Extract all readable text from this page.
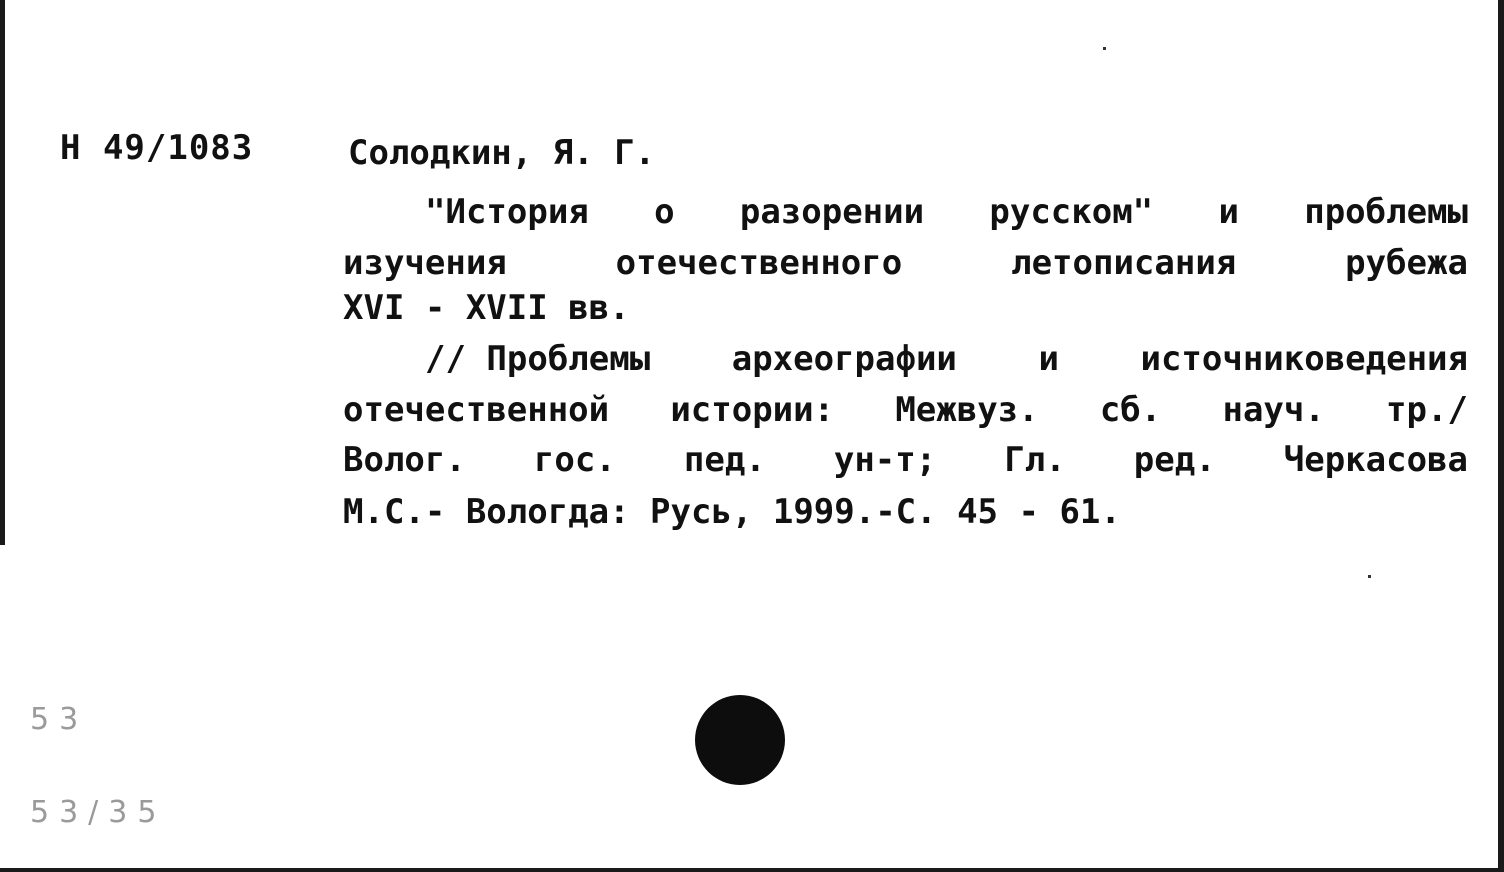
Н 49/1083	Солодкин, Я. Г.
"История о разорении русском" и проблемы
изучения	отечественного	летописания	рубежа
XVI - XVII вв.
// Проблемы археографии и источниковедения
отечественной истории: Межвуз. сб. науч. тр./
Волог. гос. пед. ун-т; Гл. ред. Черкасова
М.С.- Вологда: Русь, 1999.-С. 45 - 61.
53
53/35
